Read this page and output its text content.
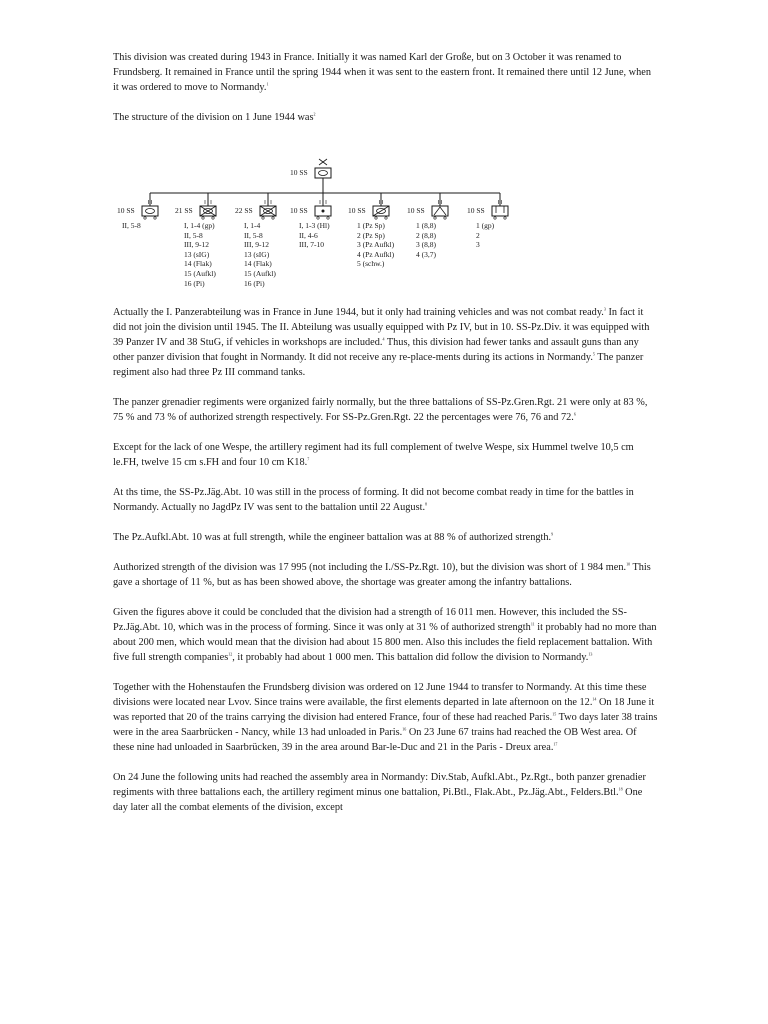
This division was created during 1943 in France. Initially it was named Karl der Große, but on 3 October it was renamed to Frundsberg. It remained in France until the spring 1944 when it was sent to the eastern front. It remained there until 12 June, when it was ordered to move to Normandy.$^1$

The structure of the division on 1 June 1944 was$^2$

10 SS
10 SS
II, 5-8
21 SS
I, 1-4 (gp)
II, 5-8
III, 9-12
13 (sIG)
14 (Flak)
15 (Aufkl)
16 (Pi)
22 SS
I, 1-4
II, 5-8
III, 9-12
13 (sIG)
14 (Flak)
15 (Aufkl)
16 (Pi)
10 SS
I, 1-3 (Hl)
II, 4-6
III, 7-10
10 SS
1 (Pz Sp)
2 (Pz Sp)
3 (Pz Aufkl)
4 (Pz Aufkl)
5 (schw.)
10 SS
1 (8,8)
2 (8,8)
3 (8,8)
4 (3,7)
10 SS
1 (gp)
2
3

Actually the I. Panzerabteilung was in France in June 1944, but it only had training vehicles and was not combat ready.$^3$ In fact it did not join the division until 1945. The II. Abteilung was usually equipped with Pz IV, but in 10. SS-Pz.Div. it was equipped with 39 Panzer IV and 38 StuG, if vehicles in workshops are included.$^4$ Thus, this division had fewer tanks and assault guns than any other panzer division that fought in Normandy. It did not receive any re-place-ments during its actions in Normandy.$^5$ The panzer regiment also had three Pz III command tanks.

The panzer grenadier regiments were organized fairly normally, but the three battalions of SS-Pz.Gren.Rgt. 21 were only at 83 %, 75 % and 73 % of authorized strength respectively. For SS-Pz.Gren.Rgt. 22 the percentages were 76, 76 and 72.$^6$

Except for the lack of one Wespe, the artillery regiment had its full complement of twelve Wespe, six Hummel twelve 10,5 cm le.FH, twelve 15 cm s.FH and four 10 cm K18.$^7$

At ths time, the SS-Pz.Jäg.Abt. 10 was still in the process of forming. It did not become combat ready in time for the battles in Normandy. Actually no JagdPz IV was sent to the battalion until 22 August.$^8$

The Pz.Aufkl.Abt. 10 was at full strength, while the engineer battalion was at 88 % of authorized strength.$^9$

Authorized strength of the division was 17 995 (not including the I./SS-Pz.Rgt. 10), but the division was short of 1 984 men.$^{10}$ This gave a shortage of 11 %, but as has been showed above, the shortage was greater among the infantry battalions.

Given the figures above it could be concluded that the division had a strength of 16 011 men. However, this included the SS-Pz.Jäg.Abt. 10, which was in the process of forming. Since it was only at 31 % of authorized strength$^{11}$ it probably had no more than about 200 men, which would mean that the division had about 15 800 men. Also this includes the field replacement battalion. With five full strength companies$^{12}$, it probably had about 1 000 men. This battalion did follow the division to Normandy.$^{13}$

Together with the Hohenstaufen the Frundsberg division was ordered on 12 June 1944 to transfer to Normandy. At this time these divisions were located near Lvov. Since trains were available, the first elements departed in late afternoon on the 12.14 On 18 June it was reported that 20 of the trains carrying the division had entered France, four of these had reached Paris.$^{15}$ Two days later 38 trains were in the area Saarbrücken - Nancy, while 13 had unloaded in Paris.$^{16}$ On 23 June 67 trains had reached the OB West area. Of these nine had unloaded in Saarbrücken, 39 in the area around Bar-le-Duc and 21 in the Paris - Dreux area.$^{17}$

On 24 June the following units had reached the assembly area in Normandy: Div.Stab, Aufkl.Abt., Pz.Rgt., both panzer grenadier regiments with three battalions each, the artillery regiment minus one battalion, Pi.Btl., Flak.Abt., Pz.Jäg.Abt., Felders.Btl.$^{18}$ One day later all the combat elements of the division, except
